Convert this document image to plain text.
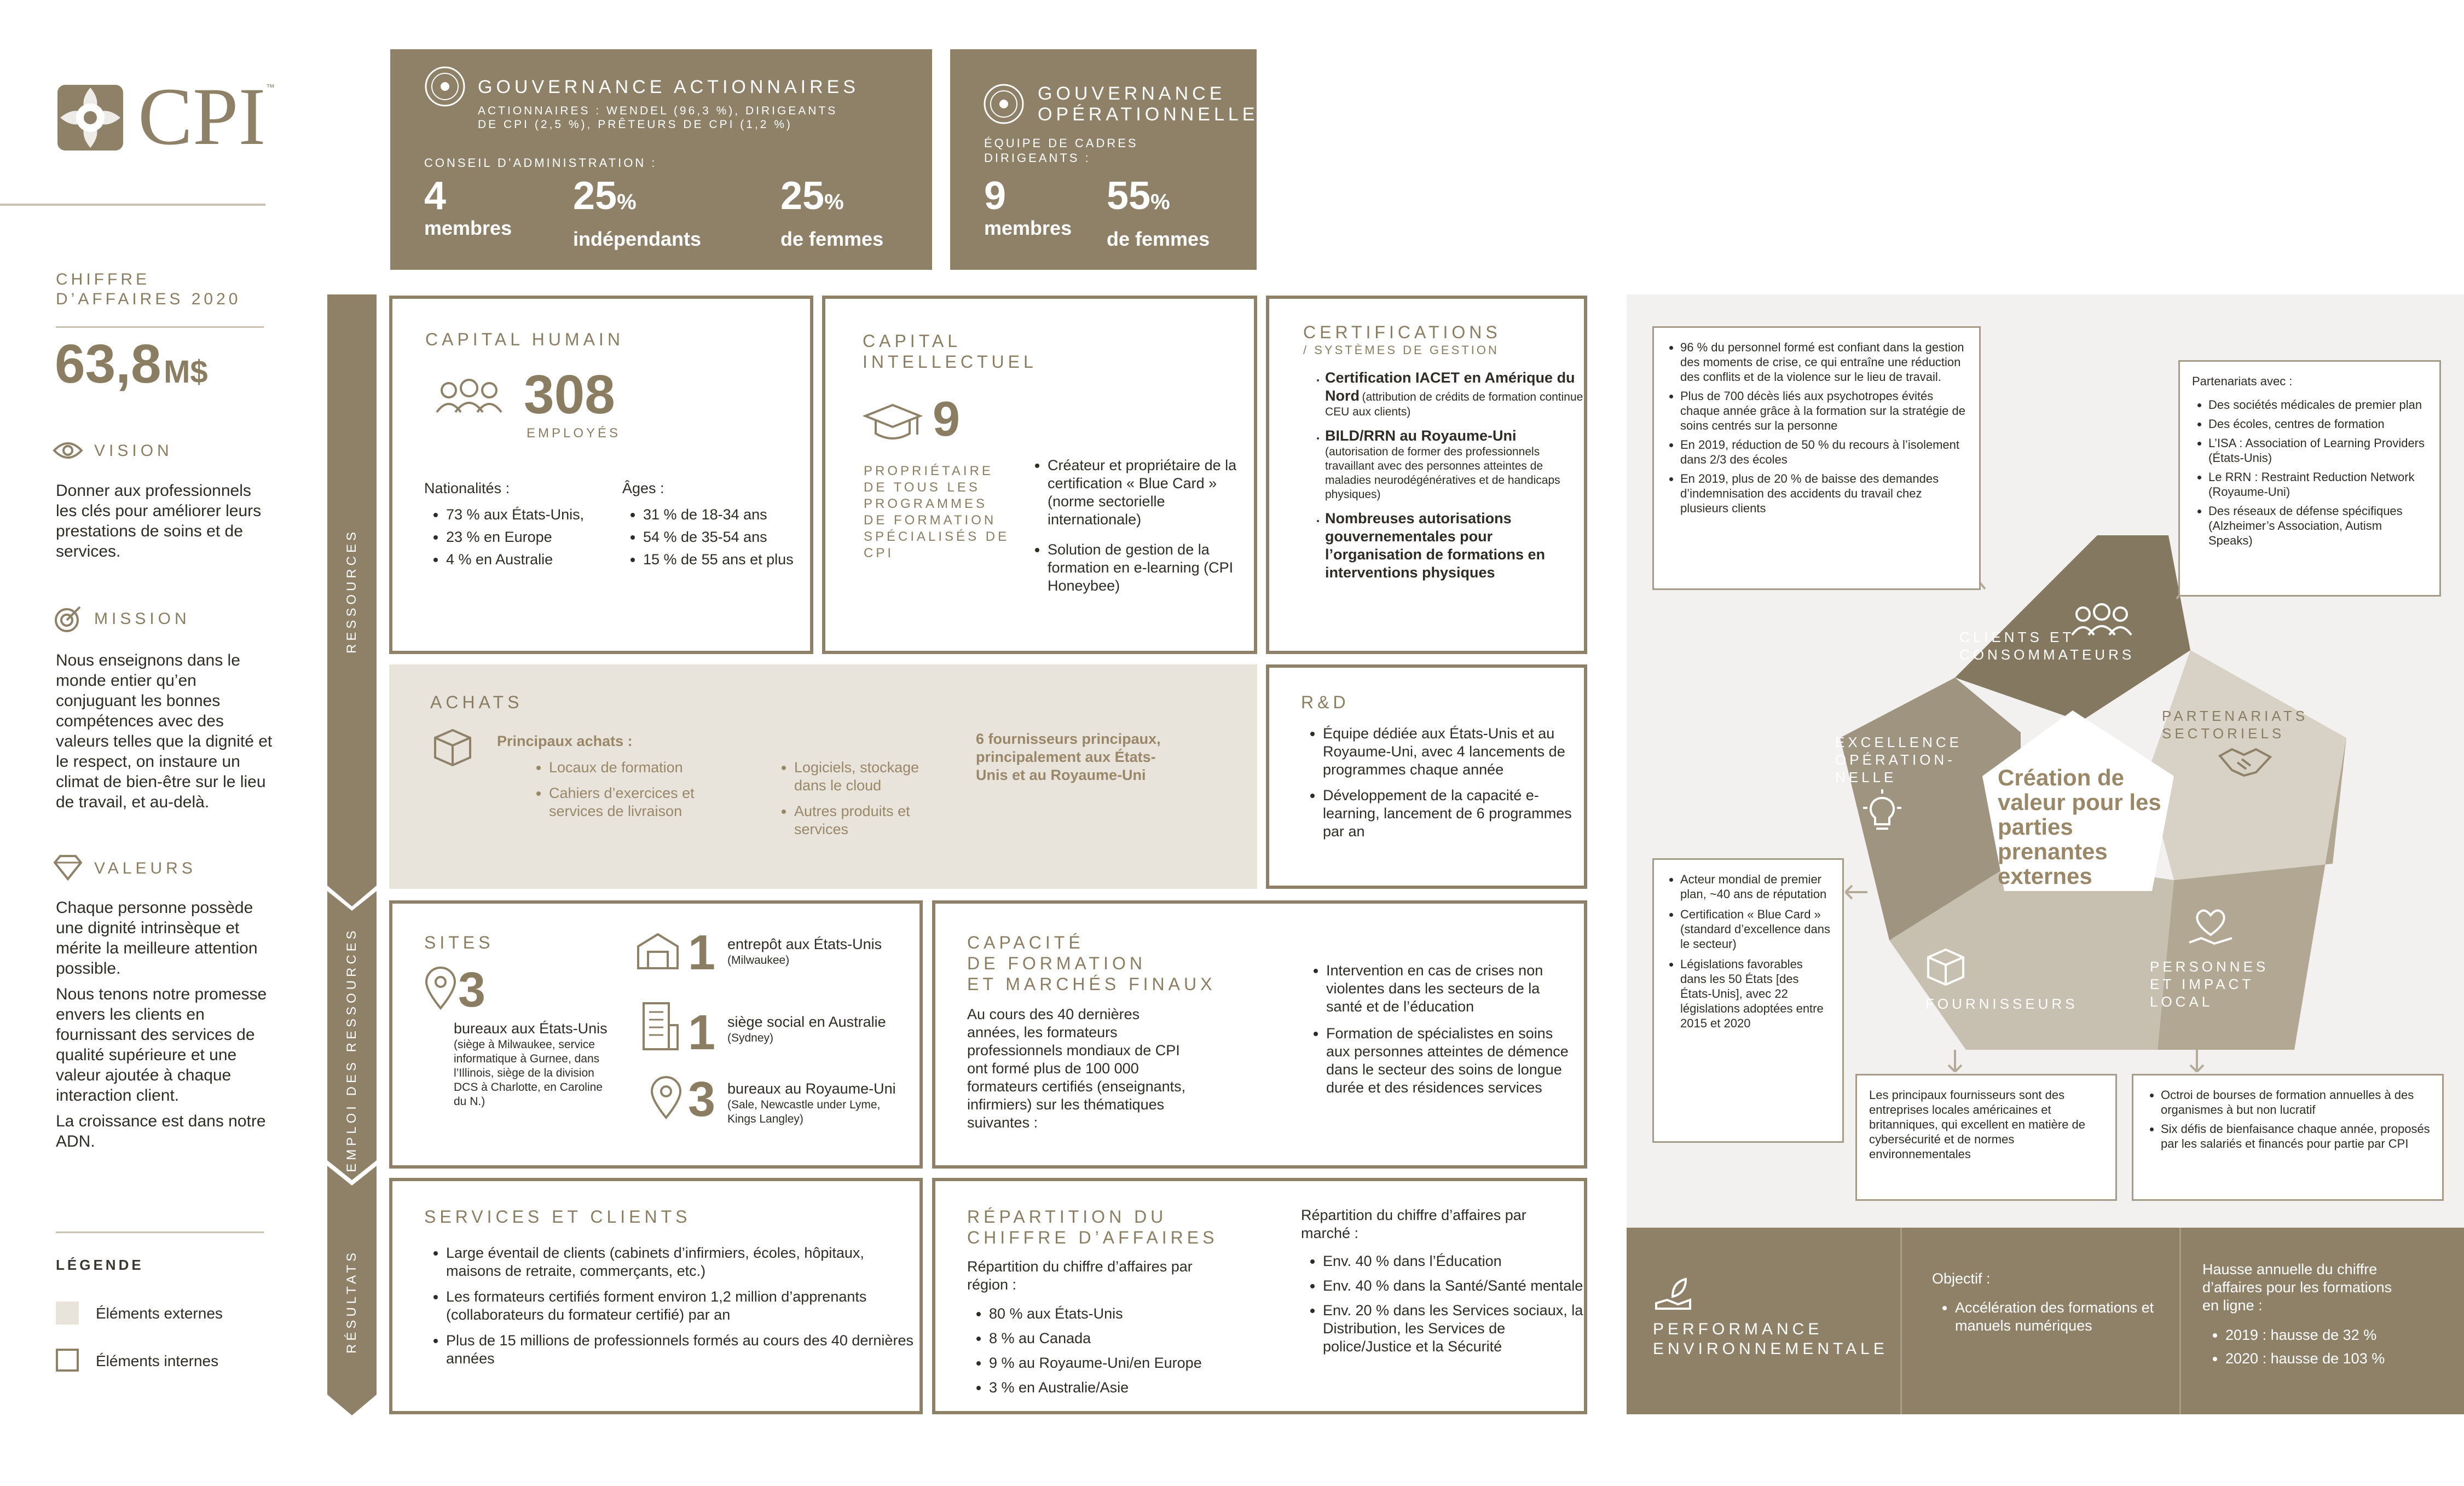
CPI ™
CHIFFRE D’AFFAIRES 2020
63,8 M$
VISION
Donner aux professionnels les clés pour améliorer leurs prestations de soins et de services.
MISSION
Nous enseignons dans le monde entier qu’en conjuguant les bonnes compétences avec des valeurs telles que la dignité et le respect, on instaure un climat de bien-être sur le lieu de travail, et au-delà.
VALEURS
Chaque personne possède une dignité intrinsèque et mérite la meilleure attention possible.
Nous tenons notre promesse envers les clients en fournissant des services de qualité supérieure et une valeur ajoutée à chaque interaction client.
La croissance est dans notre ADN.
LÉGENDE
Éléments externes
Éléments internes
GOUVERNANCE ACTIONNAIRES
ACTIONNAIRES : WENDEL (96,3 %), DIRIGEANTS DE CPI (2,5 %), PRÊTEURS DE CPI (1,2 %)
CONSEIL D’ADMINISTRATION :
4
membres
25%
indépendants
25%
de femmes
GOUVERNANCE
OPÉRATIONNELLE
ÉQUIPE DE CADRES DIRIGEANTS :
9
membres
55%
de femmes
RESSOURCES
EMPLOI DES RESSOURCES
RÉSULTATS
CAPITAL HUMAIN
308
EMPLOYÉS
Nationalités :
• 73 % aux États-Unis,
• 23 % en Europe
• 4 % en Australie
Âges :
• 31 % de 18-34 ans
• 54 % de 35-54 ans
• 15 % de 55 ans et plus
CAPITAL
INTELLECTUEL
9
PROPRIÉTAIRE DE TOUS LES PROGRAMMES DE FORMATION SPÉCIALISÉS DE CPI
• Créateur et propriétaire de la certification « Blue Card » (norme sectorielle internationale)
• Solution de gestion de la formation en e-learning (CPI Honeybee)
CERTIFICATIONS
/ SYSTÈMES DE GESTION
• Certification IACET en Amérique du Nord (attribution de crédits de formation continue CEU aux clients)
• BILD/RRN au Royaume-Uni
(autorisation de former des professionnels travaillant avec des personnes atteintes de maladies neurodégénératives et de handicaps physiques)
• Nombreuses autorisations gouvernementales pour l’organisation de formations en interventions physiques
ACHATS
Principaux achats :
• Locaux de formation
• Cahiers d’exercices et services de livraison
• Logiciels, stockage dans le cloud
• Autres produits et services
6 fournisseurs principaux, principalement aux États-Unis et au Royaume-Uni
R&D
• Équipe dédiée aux États-Unis et au Royaume-Uni, avec 4 lancements de programmes chaque année
• Développement de la capacité e-learning, lancement de 6 programmes par an
SITES
3
bureaux aux États-Unis (siège à Milwaukee, service informatique à Gurnee, dans l’Illinois, siège de la division DCS à Charlotte, en Caroline du N.)
1 entrepôt aux États-Unis (Milwaukee)
1 siège social en Australie
(Sydney)
3 bureaux au Royaume-Uni
(Sale, Newcastle under Lyme, Kings Langley)
CAPACITÉ
DE FORMATION
ET MARCHÉS FINAUX
Au cours des 40 dernières années, les formateurs professionnels mondiaux de CPI ont formé plus de 100 000 formateurs certifiés (enseignants, infirmiers) sur les thématiques suivantes :
• Intervention en cas de crises non violentes dans les secteurs de la santé et de l’éducation
• Formation de spécialistes en soins aux personnes atteintes de démence dans le secteur des soins de longue durée et des résidences services
SERVICES ET CLIENTS
• Large éventail de clients (cabinets d’infirmiers, écoles, hôpitaux, maisons de retraite, commerçants, etc.)
• Les formateurs certifiés forment environ 1,2 million d’apprenants (collaborateurs du formateur certifié) par an
• Plus de 15 millions de professionnels formés au cours des 40 dernières années
RÉPARTITION DU
CHIFFRE D’AFFAIRES
Répartition du chiffre d’affaires par région :
• 80 % aux États-Unis
• 8 % au Canada
• 9 % au Royaume-Uni/en Europe
• 3 % en Australie/Asie
Répartition du chiffre d’affaires par marché :
• Env. 40 % dans l’Éducation
• Env. 40 % dans la Santé/Santé mentale
• Env. 20 % dans les Services sociaux, la Distribution, les Services de police/Justice et la Sécurité
Création de valeur pour les parties prenantes externes
CLIENTS ET CONSOMMATEURS
PARTENARIATS SECTORIELS
EXCELLENCE OPÉRATION-NELLE
PERSONNES ET IMPACT LOCAL
FOURNISSEURS
• 96 % du personnel formé est confiant dans la gestion des moments de crise, ce qui entraîne une réduction des conflits et de la violence sur le lieu de travail.
• Plus de 700 décès liés aux psychotropes évités chaque année grâce à la formation sur la stratégie de soins centrés sur la personne
• En 2019, réduction de 50 % du recours à l’isolement dans 2/3 des écoles
• En 2019, plus de 20 % de baisse des demandes d’indemnisation des accidents du travail chez plusieurs clients
Partenariats avec :
• Des sociétés médicales de premier plan
• Des écoles, centres de formation
• L’ISA : Association of Learning Providers (États-Unis)
• Le RRN : Restraint Reduction Network (Royaume-Uni)
• Des réseaux de défense spécifiques (Alzheimer’s Association, Autism Speaks)
• Acteur mondial de premier plan, ~40 ans de réputation
• Certification « Blue Card » (standard d’excellence dans le secteur)
• Législations favorables dans les 50 États [des États-Unis], avec 22 législations adoptées entre 2015 et 2020
Les principaux fournisseurs sont des entreprises locales américaines et britanniques, qui excellent en matière de cybersécurité et de normes environnementales
• Octroi de bourses de formation annuelles à des organismes à but non lucratif
• Six défis de bienfaisance chaque année, proposés par les salariés et financés pour partie par CPI
PERFORMANCE
ENVIRONNEMENTALE
Objectif :
• Accélération des formations et manuels numériques
Hausse annuelle du chiffre d’affaires pour les formations en ligne :
• 2019 : hausse de 32 %
• 2020 : hausse de 103 %
